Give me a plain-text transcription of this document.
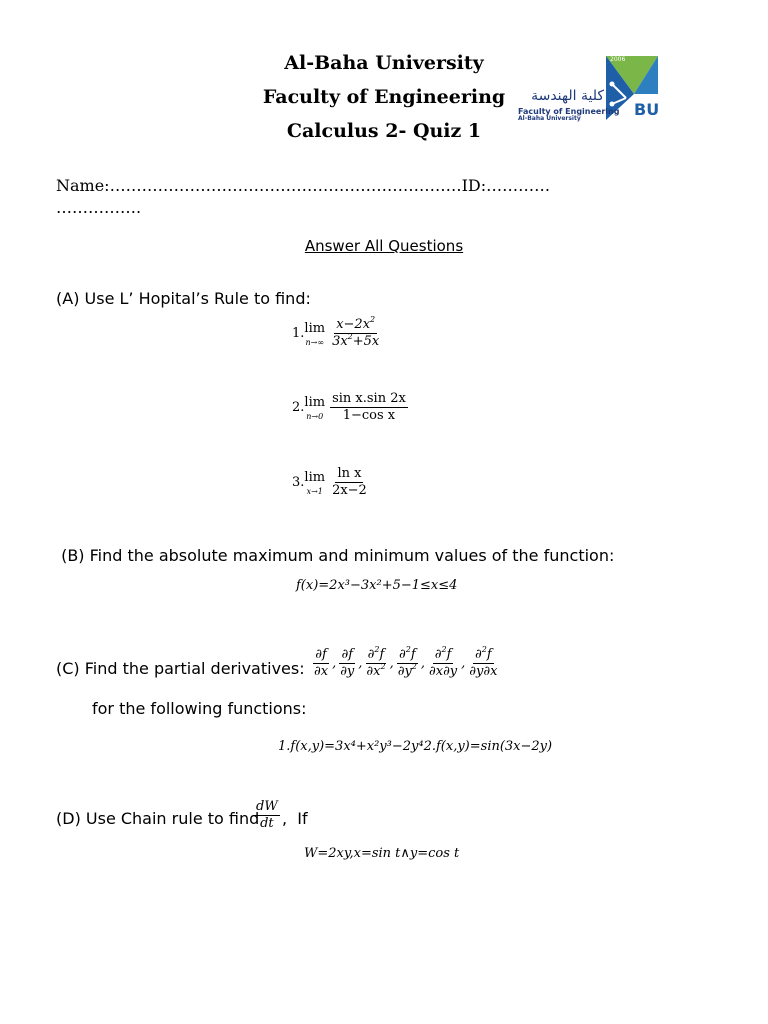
Al-Baha University
Faculty of Engineering
Calculus 2- Quiz 1
2006
BU
كلية الهندسة
Faculty of Engineering
Al-Baha University
Name:…………………………………………………………ID:…………
…………….
Answer All Questions
(A) Use L’ Hopital’s Rule to find:
1. lim
$n\to\infty \frac{x-2x^2}{3x^2+5x}$
2. lim
$n\to 0 \frac{\text{sin x.sin 2x}}{\text{1−cos x}}$
3. lim
$x\to 1 \frac{\text{ln x}}{2x-2}$
(B) Find the absolute maximum and minimum values of the function:
f(x)=2x³−3x²+5−1≤x≤4
(C) Find the partial derivatives: $\frac{\partial f}{\partial x}$ , $\frac{\partial f}{\partial y}$ , $\frac{\partial^2f}{\partial x^2}$ , $\frac{\partial^2f}{\partial y^2}$ , $\frac{\partial^2f}{\partial x\partial y}$ , $\frac{\partial^2f}{\partial y\partial x}$
for the following functions:
1.f(x,y)=3x⁴+x²y³−2y⁴2.f(x,y)=sin(3x−2y)
(D) Use Chain rule to find
$\frac{dW}{dt}$ ,  If
W=2xy,x=sin t∧y=cos t
